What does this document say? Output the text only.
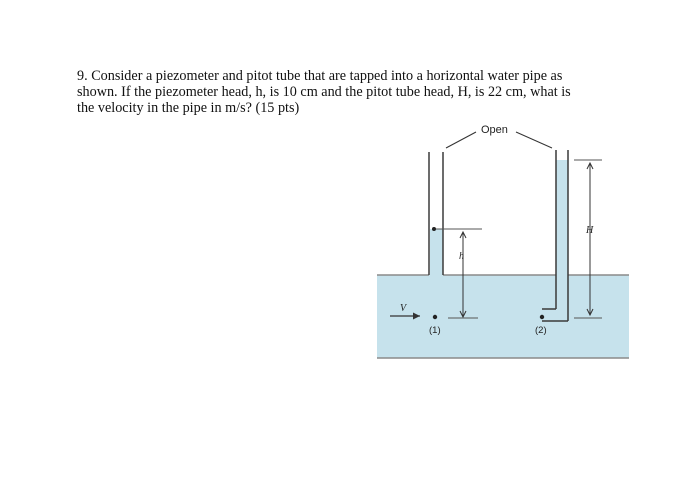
9. Consider a piezometer and pitot tube that are tapped into a horizontal water pipe as
shown. If the piezometer head, h, is 10 cm and the pitot tube head, H, is 22 cm, what is
the velocity in the pipe in m/s? (15 pts)
Open
h
H
V
(1)	(2)
